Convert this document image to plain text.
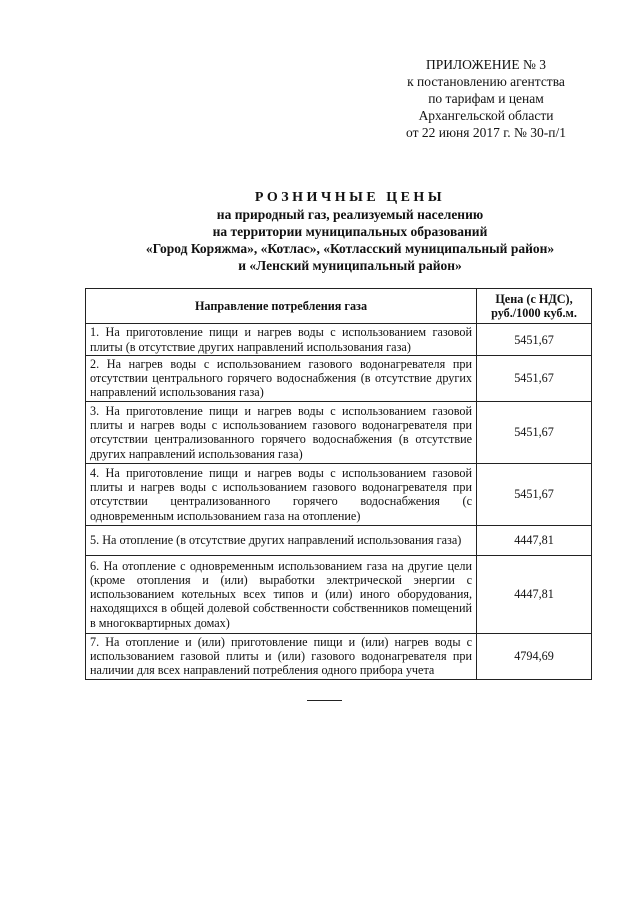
ПРИЛОЖЕНИЕ № 3
к постановлению агентства
по тарифам и ценам
Архангельской области
от 22 июня 2017 г. № 30-п/1
РОЗНИЧНЫЕ ЦЕНЫ
на природный газ, реализуемый населению
на территории муниципальных образований
«Город Коряжма», «Котлас», «Котласский муниципальный район»
и «Ленский муниципальный район»
Направление потребления газа	Цена (с НДС), руб./1000 куб.м.
1. На приготовление пищи и нагрев воды с использованием газовой плиты (в отсутствие других направлений использования газа)	5451,67
2. На нагрев воды с использованием газового водонагревателя при отсутствии центрального горячего водоснабжения (в отсутствие других направлений использования газа)	5451,67
3. На приготовление пищи и нагрев воды с использованием газовой плиты и нагрев воды с использованием газового водонагревателя при отсутствии централизованного горячего водоснабжения (в отсутствие других направлений использования газа)	5451,67
4. На приготовление пищи и нагрев воды с использованием газовой плиты и нагрев воды с использованием газового водонагревателя при отсутствии централизованного горячего водоснабжения (с одновременным использованием газа на отопление)	5451,67
5. На отопление (в отсутствие других направлений использования газа)	4447,81
6. На отопление с одновременным использованием газа на другие цели (кроме отопления и (или) выработки электрической энергии с использованием котельных всех типов и (или) иного оборудования, находящихся в общей долевой собственности собственников помещений в многоквартирных домах)	4447,81
7. На отопление и (или) приготовление пищи и (или) нагрев воды с использованием газовой плиты и (или) газового водонагревателя при наличии для всех направлений потребления одного прибора учета	4794,69
